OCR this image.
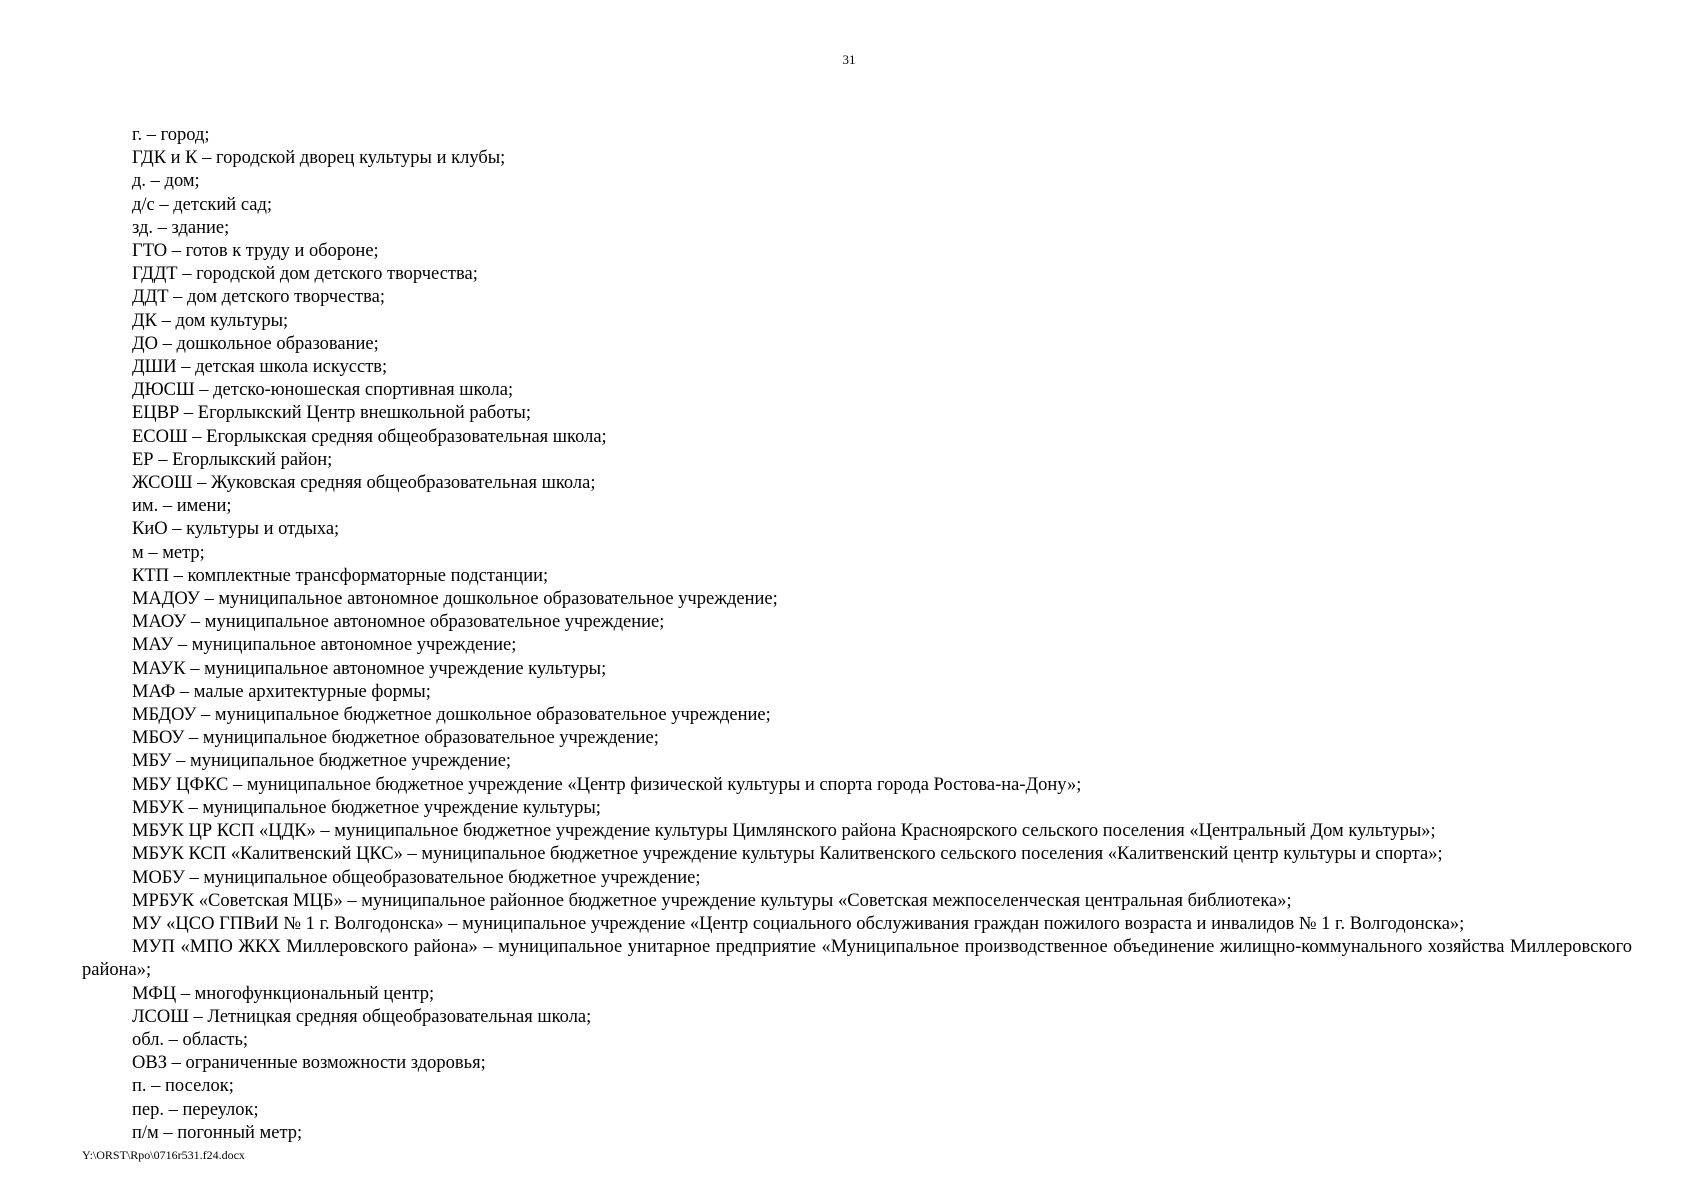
31
г. – город;
ГДК и К – городской дворец культуры и клубы;
д. – дом;
д/с – детский сад;
зд. – здание;
ГТО – готов к труду и обороне;
ГДДТ – городской дом детского творчества;
ДДТ – дом детского творчества;
ДК – дом культуры;
ДО – дошкольное образование;
ДШИ – детская школа искусств;
ДЮСШ – детско-юношеская спортивная школа;
ЕЦВР – Егорлыкский Центр внешкольной работы;
ЕСОШ – Егорлыкская средняя общеобразовательная школа;
ЕР – Егорлыкский район;
ЖСОШ – Жуковская средняя общеобразовательная школа;
им. – имени;
КиО – культуры и отдыха;
м – метр;
КТП – комплектные трансформаторные подстанции;
МАДОУ – муниципальное автономное дошкольное образовательное учреждение;
МАОУ – муниципальное автономное образовательное учреждение;
МАУ – муниципальное автономное учреждение;
МАУК – муниципальное автономное учреждение культуры;
МАФ – малые архитектурные формы;
МБДОУ – муниципальное бюджетное дошкольное образовательное учреждение;
МБОУ – муниципальное бюджетное образовательное учреждение;
МБУ – муниципальное бюджетное учреждение;
МБУ ЦФКС – муниципальное бюджетное учреждение «Центр физической культуры и спорта города Ростова-на-Дону»;
МБУК – муниципальное бюджетное учреждение культуры;
МБУК ЦР КСП «ЦДК» – муниципальное бюджетное учреждение культуры Цимлянского района Красноярского сельского поселения «Центральный Дом культуры»;
МБУК КСП «Калитвенский ЦКС» – муниципальное бюджетное учреждение культуры Калитвенского сельского поселения «Калитвенский центр культуры и спорта»;
МОБУ – муниципальное общеобразовательное бюджетное учреждение;
МРБУК «Советская МЦБ» – муниципальное районное бюджетное учреждение культуры «Советская межпоселенческая центральная библиотека»;
МУ «ЦСО ГПВиИ № 1 г. Волгодонска» – муниципальное учреждение «Центр социального обслуживания граждан пожилого возраста и инвалидов № 1 г. Волгодонска»;
МУП «МПО ЖКХ Миллеровского района» – муниципальное унитарное предприятие «Муниципальное производственное объединение жилищно-коммунального хозяйства Миллеровского района»;
МФЦ – многофункциональный центр;
ЛСОШ – Летницкая средняя общеобразовательная школа;
обл. – область;
ОВЗ – ограниченные возможности здоровья;
п. – поселок;
пер. – переулок;
п/м – погонный метр;
Y:\ORST\Rpo\0716r531.f24.docx
